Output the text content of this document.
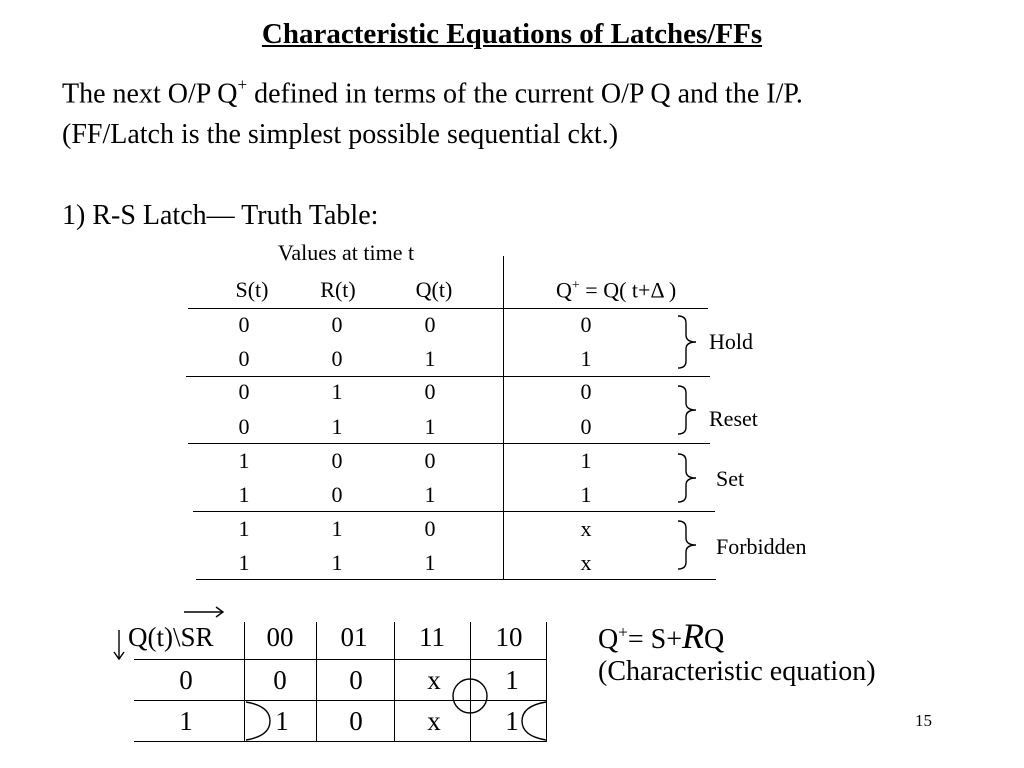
Characteristic Equations of Latches/FFs
The next O/P Q+ defined in terms of the current O/P Q and the I/P.
(FF/Latch is the simplest possible sequential ckt.)
1) R-S Latch— Truth Table:
Values at time t
S(t) R(t)	Q(t)	Q+ = Q( t+Δ )
0	0	0	0
0	0	1	1
0	1	0	0
0	1	1	0
1	0	0	1
1	0	1	1
1	1	0	x
1	1	1	x
Hold
Reset
Set
Forbidden
Q(t)\SR 00 01 11 10
0	0 0 x 1
1	1 0 x 1
Q+= S+RQ
(Characteristic equation)
15
